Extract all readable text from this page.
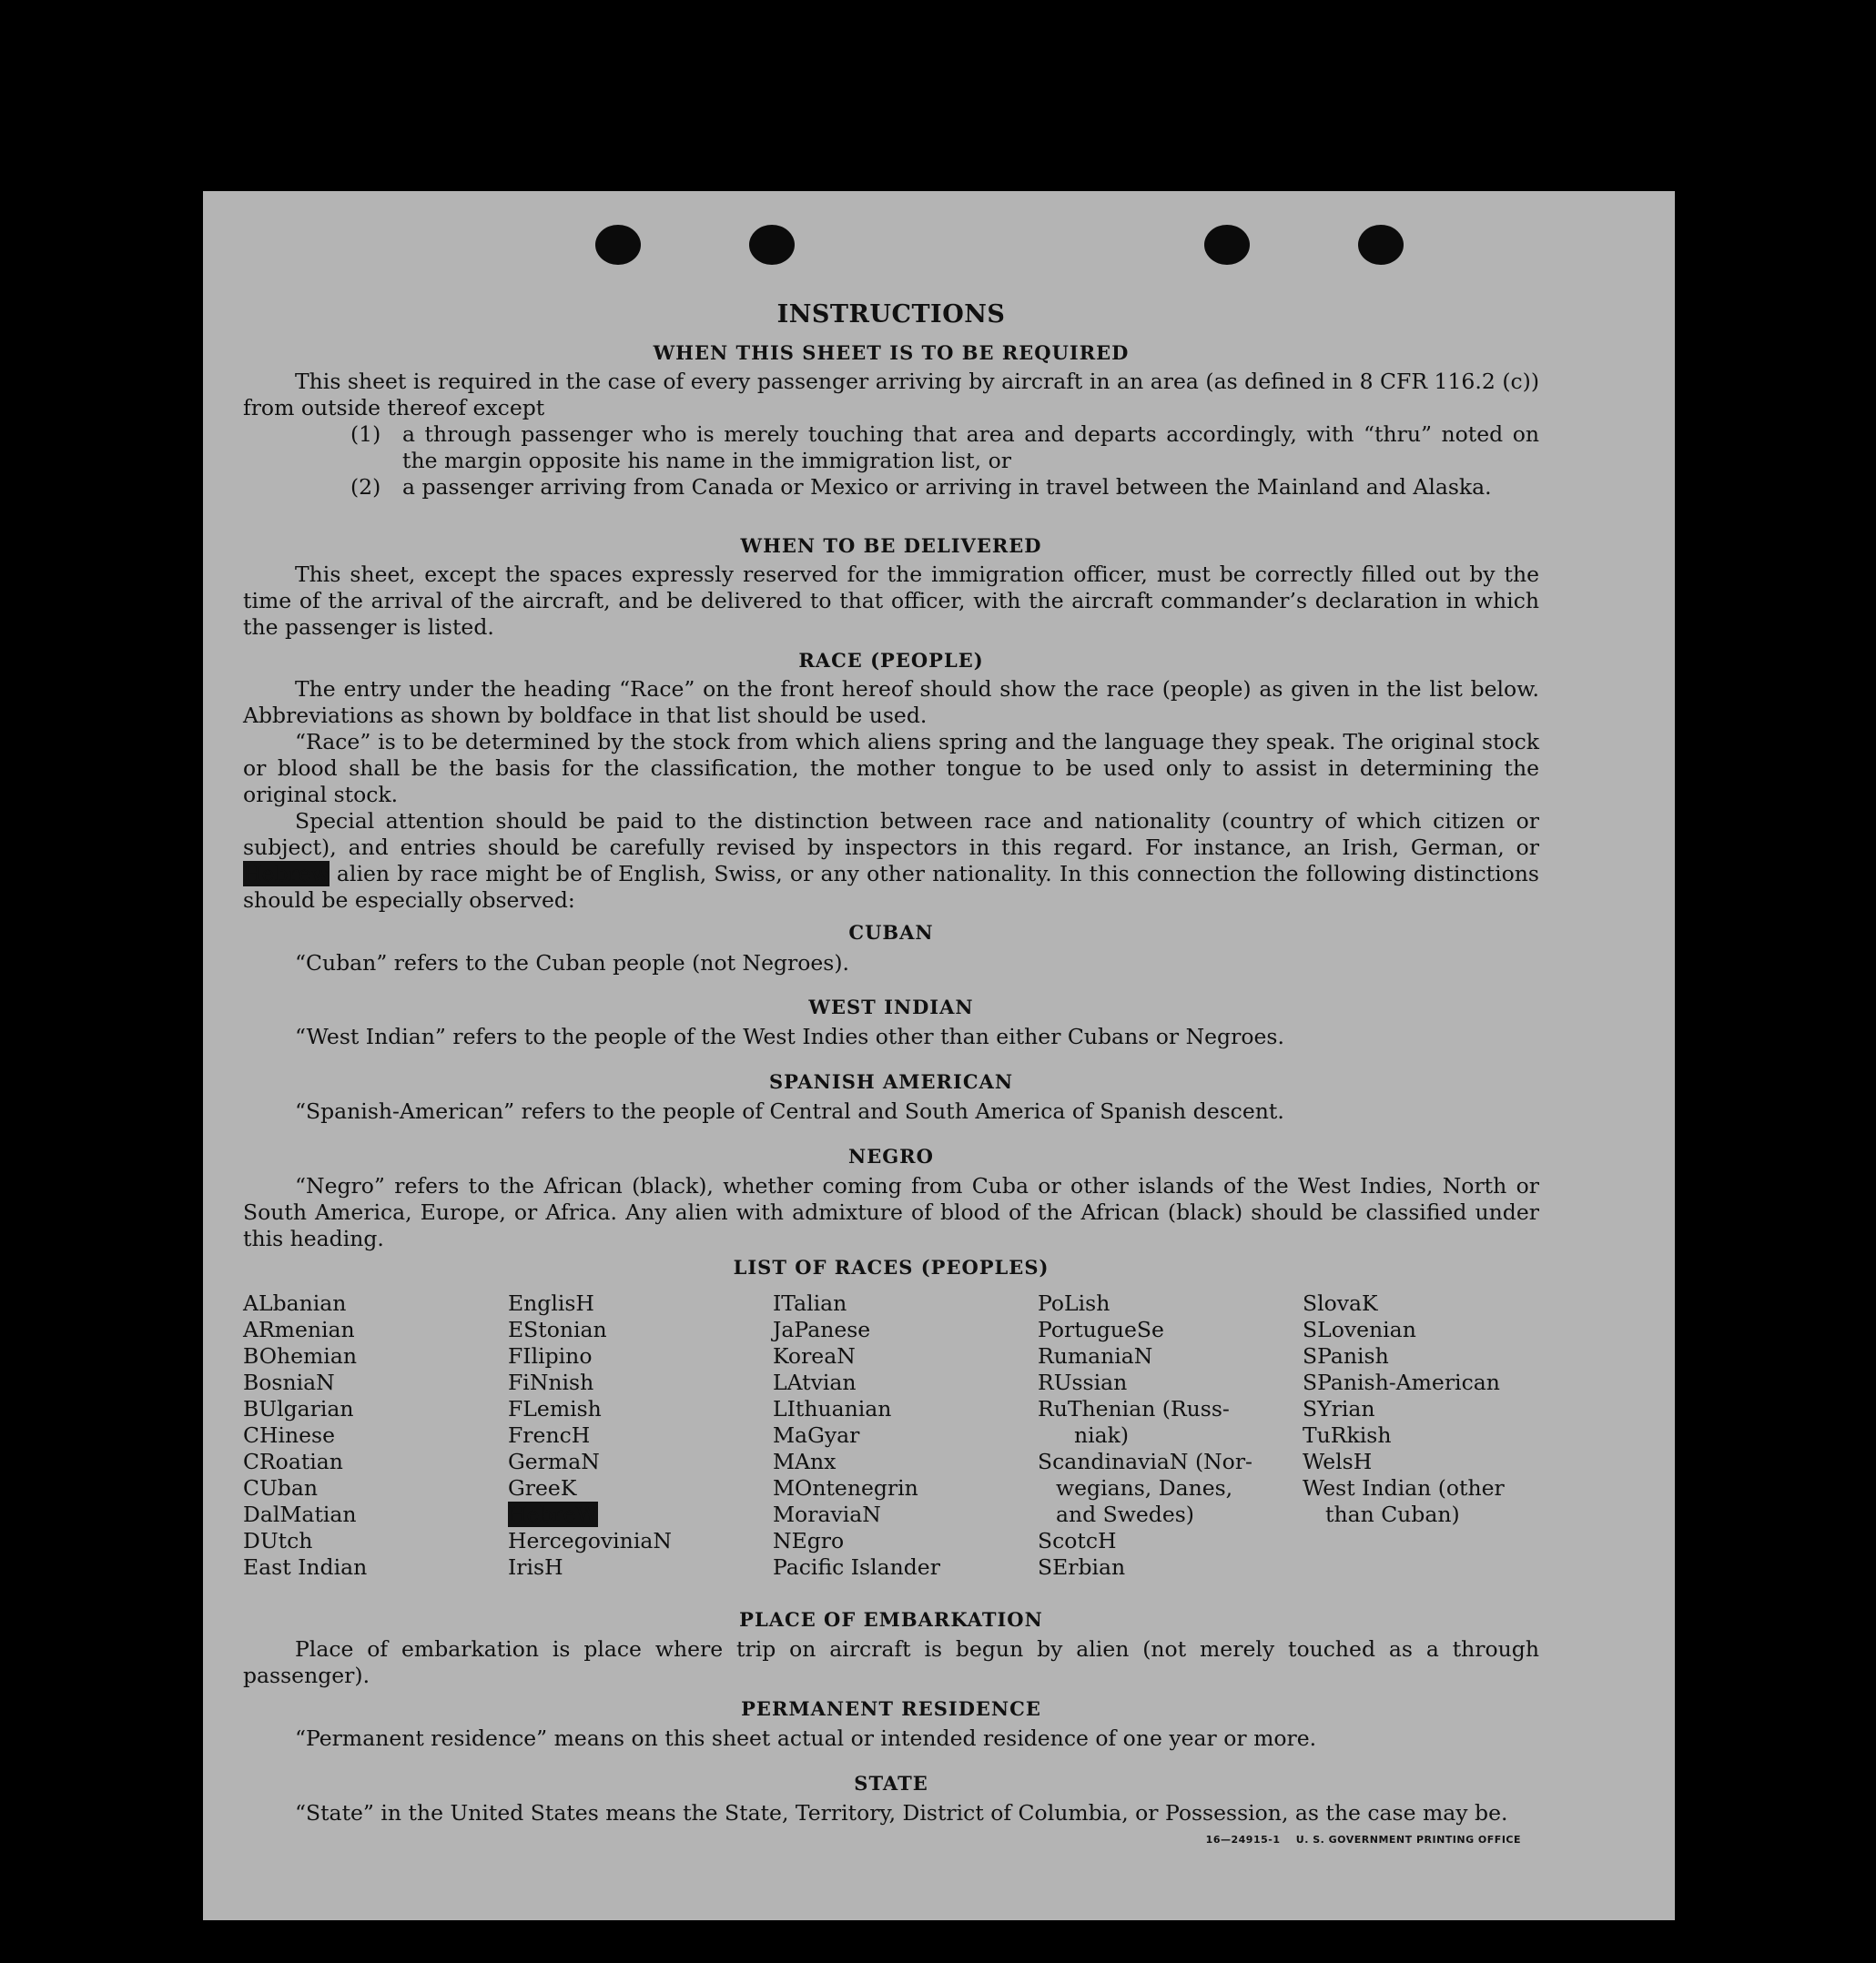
INSTRUCTIONS
WHEN THIS SHEET IS TO BE REQUIRED
This sheet is required in the case of every passenger arriving by aircraft in an area (as defined in 8 CFR 116.2 (c)) from outside thereof except
(1) a through passenger who is merely touching that area and departs accordingly, with “thru” noted on the margin opposite his name in the immigration list, or
(2) a passenger arriving from Canada or Mexico or arriving in travel between the Mainland and Alaska.
WHEN TO BE DELIVERED
This sheet, except the spaces expressly reserved for the immigration officer, must be correctly filled out by the time of the arrival of the aircraft, and be delivered to that officer, with the aircraft commander’s declaration in which the passenger is listed.
RACE (PEOPLE)
The entry under the heading “Race” on the front hereof should show the race (people) as given in the list below. Abbreviations as shown by boldface in that list should be used.
“Race” is to be determined by the stock from which aliens spring and the language they speak. The original stock or blood shall be the basis for the classification, the mother tongue to be used only to assist in determining the original stock.
Special attention should be paid to the distinction between race and nationality (country of which citizen or subject), and entries should be carefully revised by inspectors in this regard. For instance, an Irish, German, or Hebrew alien by race might be of English, Swiss, or any other nationality. In this connection the following distinctions should be especially observed:
CUBAN
“Cuban” refers to the Cuban people (not Negroes).
WEST INDIAN
“West Indian” refers to the people of the West Indies other than either Cubans or Negroes.
SPANISH AMERICAN
“Spanish-American” refers to the people of Central and South America of Spanish descent.
NEGRO
“Negro” refers to the African (black), whether coming from Cuba or other islands of the West Indies, North or South America, Europe, or Africa. Any alien with admixture of blood of the African (black) should be classified under this heading.
LIST OF RACES (PEOPLES)
ALbanian
ARmenian
BOhemian
BosniaN
BUlgarian
CHinese
CRoatian
CUban
DalMatian
DUtch
East Indian
EnglisH
EStonian
FIlipino
FiNnish
FLemish
FrencH
GermaN
GreeK
HebreW
HercegoviniaN
IrisH
ITalian
JaPanese
KoreaN
LAtvian
LIthuanian
MaGyar
MAnx
MOntenegrin
MoraviaN
NEgro
Pacific Islander
PoLish
PortugueSe
RumaniaN
RUssian
RuThenian (Russ-
niak)
ScandinaviaN (Nor-
wegians, Danes,
and Swedes)
ScotcH
SErbian
SlovaK
SLovenian
SPanish
SPanish-American
SYrian
TuRkish
WelsH
West Indian (other
than Cuban)
PLACE OF EMBARKATION
Place of embarkation is place where trip on aircraft is begun by alien (not merely touched as a through passenger).
PERMANENT RESIDENCE
“Permanent residence” means on this sheet actual or intended residence of one year or more.
STATE
“State” in the United States means the State, Territory, District of Columbia, or Possession, as the case may be.
16—24915-1    U. S. GOVERNMENT PRINTING OFFICE
